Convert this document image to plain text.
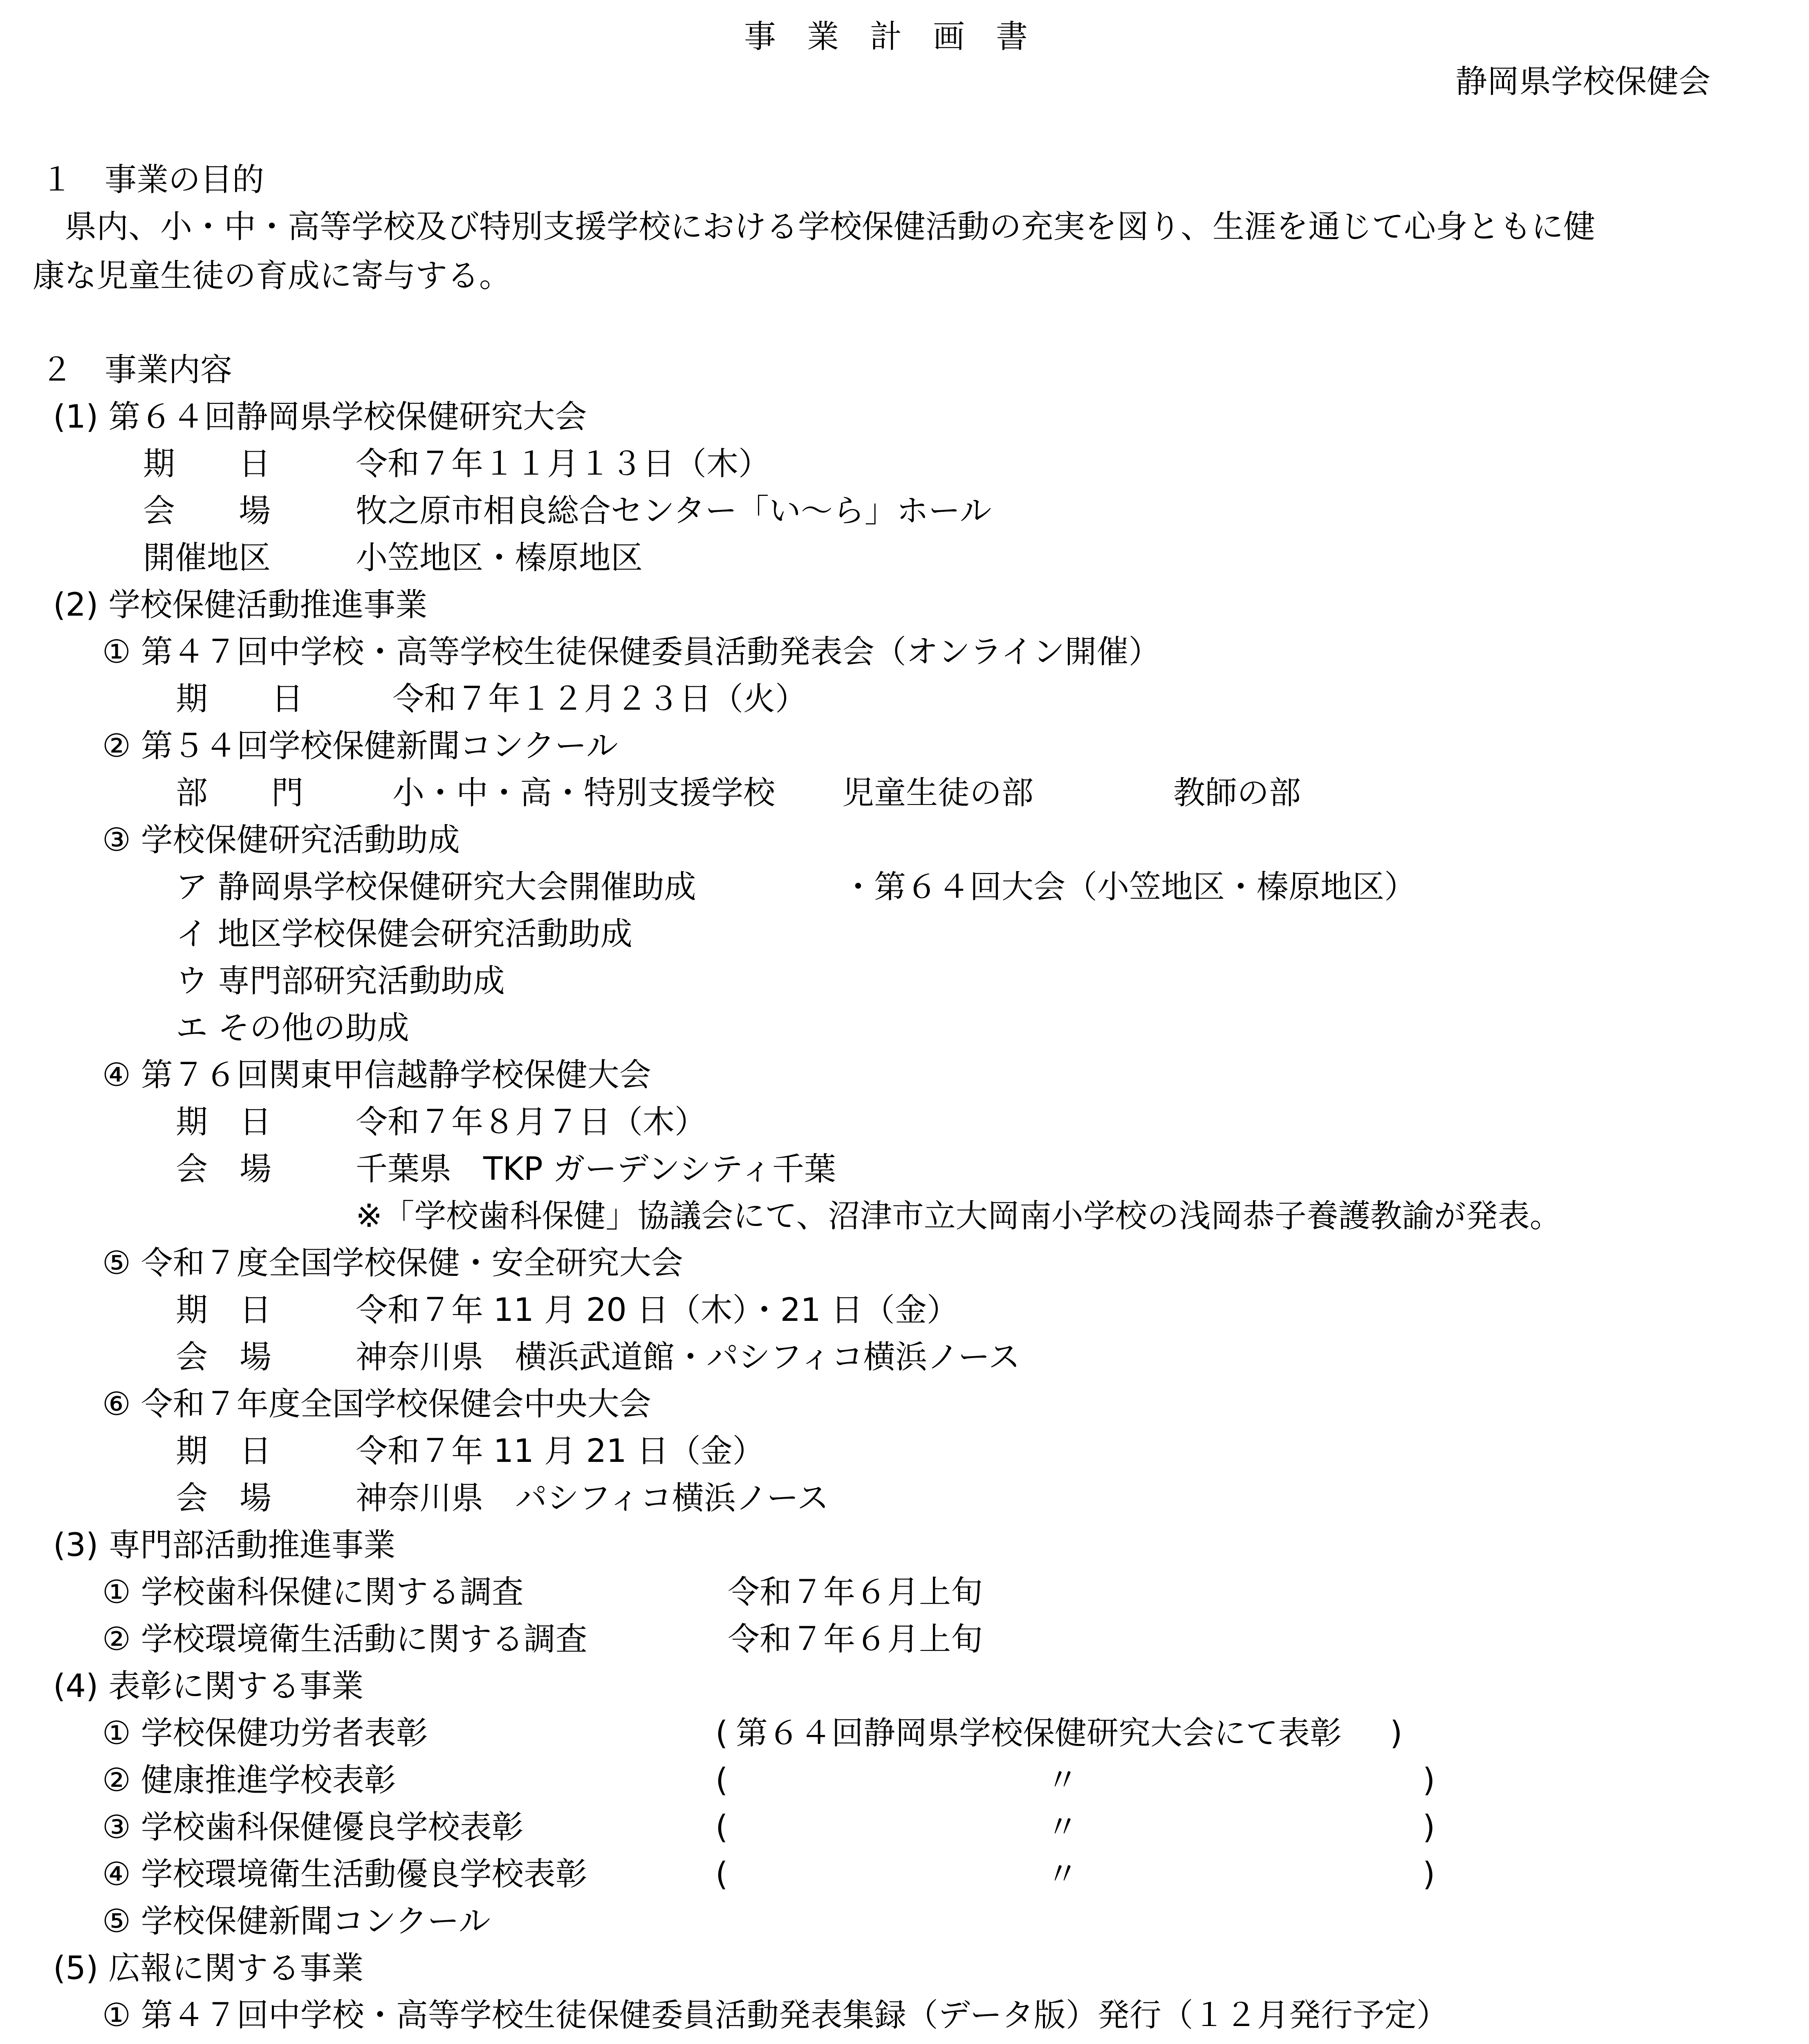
事業計画書
静岡県学校保健会
１　事業の目的
　県内、小・中・高等学校及び特別支援学校における学校保健活動の充実を図り、生涯を通じて心身ともに健
康な児童生徒の育成に寄与する。
２　事業内容
(1) 第６４回静岡県学校保健研究大会
期　　日	令和７年１１月１３日（木）
会　　場	牧之原市相良総合センター「い～ら」ホール
開催地区	小笠地区・榛原地区
(2) 学校保健活動推進事業
① 第４７回中学校・高等学校生徒保健委員活動発表会（オンライン開催）
期　　日	令和７年１２月２３日（火）
② 第５４回学校保健新聞コンクール
部　　門	小・中・高・特別支援学校 児童生徒の部	教師の部
③ 学校保健研究活動助成
ア 静岡県学校保健研究大会開催助成	・第６４回大会（小笠地区・榛原地区）
イ 地区学校保健会研究活動助成
ウ 専門部研究活動助成
エ その他の助成
④ 第７６回関東甲信越静学校保健大会
期　日	令和７年８月７日（木）
会　場	千葉県　TKP ガーデンシティ千葉
※「学校歯科保健」協議会にて、沼津市立大岡南小学校の浅岡恭子養護教諭が発表。
⑤ 令和７度全国学校保健・安全研究大会
期　日	令和７年 11 月 20 日（木）・21 日（金）
会　場	神奈川県　横浜武道館・パシフィコ横浜ノース
⑥ 令和７年度全国学校保健会中央大会
期　日	令和７年 11 月 21 日（金）
会　場	神奈川県　パシフィコ横浜ノース
(3) 専門部活動推進事業
① 学校歯科保健に関する調査	令和７年６月上旬
② 学校環境衛生活動に関する調査	令和７年６月上旬
(4) 表彰に関する事業
① 学校保健功労者表彰	( 第６４回静岡県学校保健研究大会にて表彰 )
② 健康推進学校表彰	(	〃	)
③ 学校歯科保健優良学校表彰	(	〃	)
④ 学校環境衛生活動優良学校表彰	(	〃	)
⑤ 学校保健新聞コンクール
(5) 広報に関する事業
① 第４７回中学校・高等学校生徒保健委員活動発表集録（データ版）発行（１２月発行予定）
